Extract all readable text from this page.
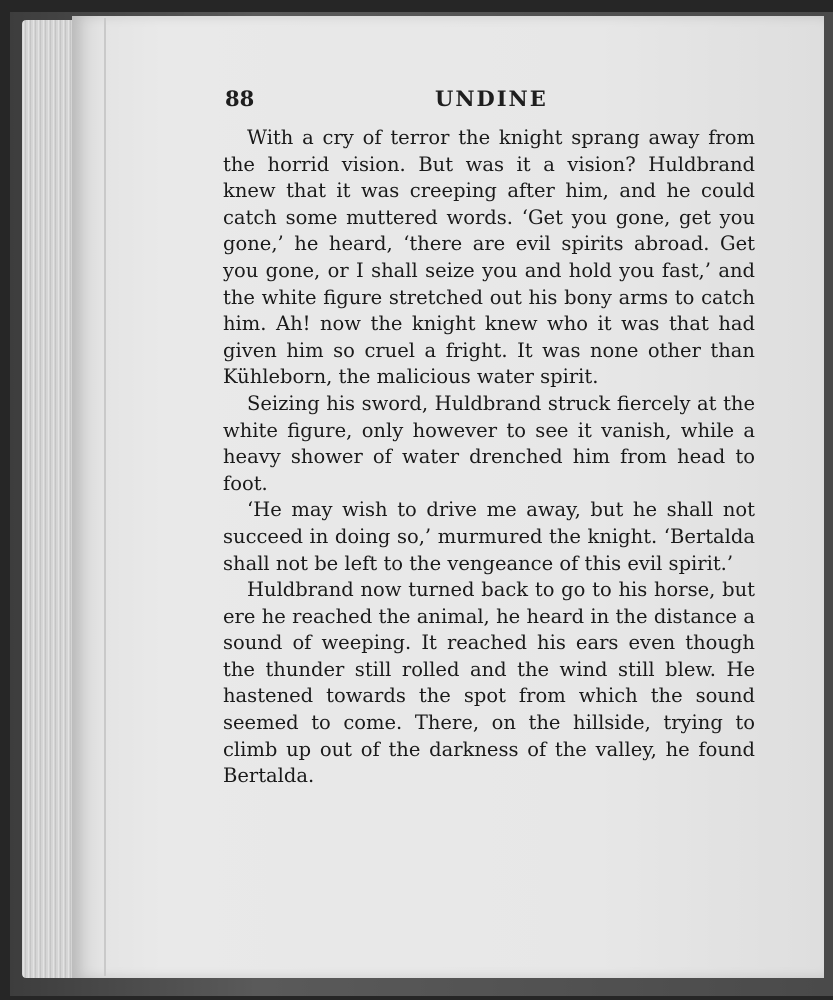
88	UNDINE

With a cry of terror the knight sprang away from the horrid vision. But was it a vision? Huldbrand knew that it was creeping after him, and he could catch some muttered words. ‘Get you gone, get you gone,’ he heard, ‘there are evil spirits abroad. Get you gone, or I shall seize you and hold you fast,’ and the white figure stretched out his bony arms to catch him. Ah! now the knight knew who it was that had given him so cruel a fright. It was none other than Kühleborn, the malicious water spirit.

Seizing his sword, Huldbrand struck fiercely at the white figure, only however to see it vanish, while a heavy shower of water drenched him from head to foot.

‘He may wish to drive me away, but he shall not succeed in doing so,’ murmured the knight. ‘Bertalda shall not be left to the vengeance of this evil spirit.’

Huldbrand now turned back to go to his horse, but ere he reached the animal, he heard in the distance a sound of weeping. It reached his ears even though the thunder still rolled and the wind still blew. He hastened towards the spot from which the sound seemed to come. There, on the hillside, trying to climb up out of the darkness of the valley, he found Bertalda.
